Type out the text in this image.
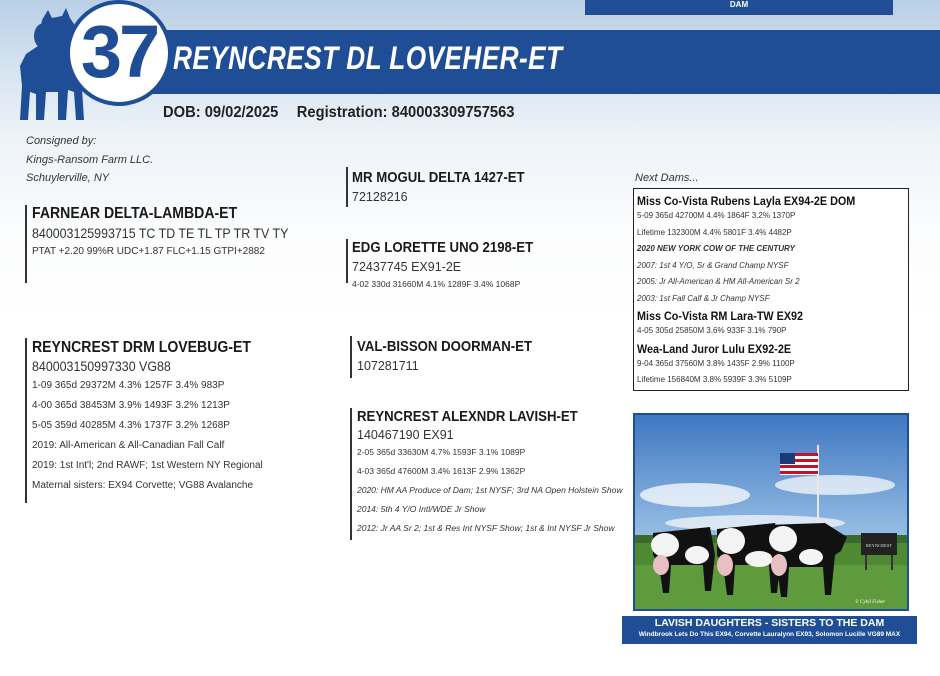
DAM
REYNCREST DL LOVEHER-ET
37
DOB: 09/02/2025 Registration: 840003309757563
Consigned by:
Kings-Ransom Farm LLC.
Schuylerville, NY
FARNEAR DELTA-LAMBDA-ET
840003125993715 TC TD TE TL TP TR TV TY
PTAT +2.20 99%R UDC+1.87 FLC+1.15 GTPI+2882
MR MOGUL DELTA 1427-ET
72128216
EDG LORETTE UNO 2198-ET
72437745 EX91-2E
4-02 330d 31660M 4.1% 1289F 3.4% 1068P
REYNCREST DRM LOVEBUG-ET
840003150997330 VG88
1-09 365d 29372M 4.3% 1257F 3.4% 983P
4-00 365d 38453M 3.9% 1493F 3.2% 1213P
5-05 359d 40285M 4.3% 1737F 3.2% 1268P
2019: All-American & All-Canadian Fall Calf
2019: 1st Int'l; 2nd RAWF; 1st Western NY Regional
Maternal sisters: EX94 Corvette; VG88 Avalanche
VAL-BISSON DOORMAN-ET
107281711
REYNCREST ALEXNDR LAVISH-ET
140467190 EX91
2-05 365d 33630M 4.7% 1593F 3.1% 1089P
4-03 365d 47600M 3.4% 1613F 2.9% 1362P
2020: HM AA Produce of Dam; 1st NYSF; 3rd NA Open Holstein Show
2014: 5th 4 Y/O Intl/WDE Jr Show
2012: Jr AA Sr 2; 1st & Res Int NYSF Show; 1st & Int NYSF Jr Show
Next Dams...
Miss Co-Vista Rubens Layla EX94-2E DOM
5-09 365d 42700M 4.4% 1864F 3.2% 1370P
Lifetime 132300M 4.4% 5801F 3.4% 4482P
2020 NEW YORK COW OF THE CENTURY
2007: 1st 4 Y/O, Sr & Grand Champ NYSF
2005: Jr All-American & HM All-American Sr 2
2003: 1st Fall Calf & Jr Champ NYSF
Miss Co-Vista RM Lara-TW EX92
4-05 305d 25850M 3.6% 933F 3.1% 790P
Wea-Land Juror Lulu EX92-2E
9-04 365d 37560M 3.8% 1435F 2.9% 1100P
Lifetime 156840M 3.8% 5939F 3.3% 5109P
REYNCREST
© Cybil Fisher
LAVISH DAUGHTERS - SISTERS TO THE DAM
Windbrook Lets Do This EX94, Corvette Lauralynn EX93, Solomon Lucille VG89 MAX
